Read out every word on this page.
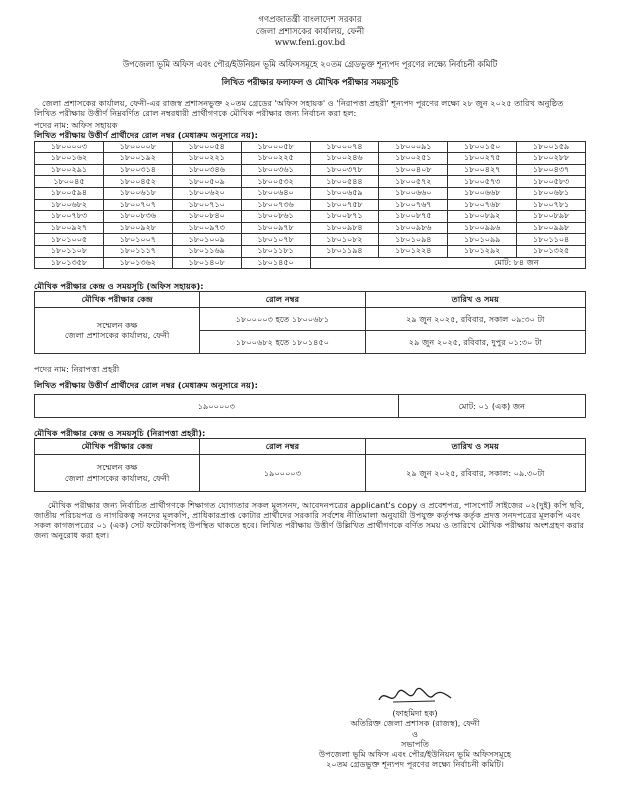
গণপ্রজাতন্ত্রী বাংলাদেশ সরকার
জেলা প্রশাসকের কার্যালয়, ফেনী
www.feni.gov.bd
উপজেলা ভূমি অফিস এবং পৌর/ইউনিয়ন ভূমি অফিসসমূহে ২০তম গ্রেডভুক্ত শূন্যপদ পূরণের লক্ষ্যে নির্বাচনী কমিটি
লিখিত পরীক্ষার ফলাফল ও মৌখিক পরীক্ষার সময়সূচি
জেলা প্রশাসকের কার্যালয়, ফেনী-এর রাজস্ব প্রশাসনভুক্ত ২০তম গ্রেডের 'অফিস সহায়ক' ও 'নিরাপত্তা প্রহরী' শূন্যপদ পূরণের লক্ষ্যে ২৮ জুন ২০২৫ তারিখ অনুষ্ঠিত লিখিত পরীক্ষায় উত্তীর্ণ নিম্নবর্ণিত রোল নম্বরধারী প্রার্থীগণকে মৌখিক পরীক্ষার জন্য নির্বাচন করা হল:
পদের নাম: অফিস সহায়ক
লিখিত পরীক্ষায় উত্তীর্ণ প্রার্থীদের রোল নম্বর (মেধাক্রম অনুসারে নয়):
১৮০০০০৩	১৮০০০০৮	১৮০০০৫৪	১৮০০০৫৮	১৮০০০৭৪	১৮০০০৯১	১৮০০১৫০	১৮০০১৫৯
১৮০০১৬২	১৮০০১৯২	১৮০০২২১	১৮০০২২৫	১৮০০২৪৬	১৮০০২৫১	১৮০০২৭৫	১৮০০২৮৮
১৮০০২৯১	১৮০০৩১৪	১৮০০৩৪৬	১৮০০৩৬১	১৮০০৩৭৮	১৮০০৪০৮	১৮০০৪২৭	১৮০০৪৩৭
১৮০০৪৫	১৮০০৪৫২	১৮০০৫০৯	১৮০০৫৩২	১৮০০৫৪৪	১৮০০৫৭২	১৮০০৫৭৩	১৮০০৫৮৩
১৮০০৫৯৪	১৮০০৬১৮	১৮০০৬২০	১৮০০৬৪০	১৮০০৬৫৯	১৮০০৬৬০	১৮০০৬৬৮	১৮০০৬৮১
১৮০০৬৮২	১৮০০৭০৭	১৮০০৭১০	১৮০০৭৩৬	১৮০০৭৫৮	১৮০০৭৬৭	১৮০০৭৬৮	১৮০০৭৮১
১৮০০৭৮৩	১৮০০৮৩৬	১৮০০৮৪০	১৮০০৮৬১	১৮০০৮৭১	১৮০০৮৭৫	১৮০০৮৯২	১৮০০৮৯৮
১৮০০৯২৭	১৮০০৯২৮	১৮০০৯৭৩	১৮০০৯৭৮	১৮০০৯৮৪	১৮০০৯৮৬	১৮০০৯৯৬	১৮০০৯৯৮
১৮০১০০৫	১৮০১০০৭	১৮০১০০৯	১৮০১০৭৮	১৮০১০৮২	১৮০১০৯৪	১৮০১০৯৯	১৮০১১০৪
১৮০১১০৮	১৮০১১১৭	১৮০১১৬৯	১৮০১১৮১	১৮০১১৯৪	১৮০১২২৪	১৮০১২৯২	১৮০১৩২৫
১৮০১৩৫৮	১৮০১৩৬২	১৮০১৪০৮	১৮০১৪৫০			মোট: ৮৪ জন	
মৌখিক পরীক্ষার কেন্দ্র ও সময়সূচি (অফিস সহায়ক):
মৌখিক পরীক্ষার কেন্দ্র	রোল নম্বর	তারিখ ও সময়

সম্মেলন কক্ষ
জেলা প্রশাসকের কার্যালয়, ফেনী	১৮০০০০৩ হতে ১৮০০৬৮১	২৯ জুন ২০২৫, রবিবার, সকাল ০৯:৩০ টা
	১৮০০৬৮২ হতে ১৮০১৪৫০	২৯ জুন ২০২৫, রবিবার, দুপুর ০১:৩০ টা
পদের নাম: নিরাপত্তা প্রহরী
লিখিত পরীক্ষায় উত্তীর্ণ প্রার্থীদের রোল নম্বর (মেধাক্রম অনুসারে নয়):
১৯০০০০৩	মোট: ০১ (এক) জন
মৌখিক পরীক্ষার কেন্দ্র ও সময়সূচি (নিরাপত্তা প্রহরী):
মৌখিক পরীক্ষার কেন্দ্র	রোল নম্বর	তারিখ ও সময়

সম্মেলন কক্ষ
জেলা প্রশাসকের কার্যালয়, ফেনী	১৯০০০০৩	২৯ জুন ২০২৫, রবিবার, সকাল: ০৯.৩০টা
মৌখিক পরীক্ষার জন্য নির্বাচিত প্রার্থীগণকে শিক্ষাগত যোগ্যতার সকল মূলসনদ, আবেদনপত্রের applicant's copy ও প্রবেশপত্র, পাসপোর্ট সাইজের ০২(দুই) কপি ছবি, জাতীয় পরিচয়পত্র ও নাগরিকত্ব সনদের মূলকপি, প্রাধিকারপ্রাপ্ত কোটার প্রার্থীদের সরকারি সর্বশেষ নীতিমালা অনুযায়ী উপযুক্ত কর্তৃপক্ষ কর্তৃক প্রদত্ত সনদপত্রের মূলকপি এবং সকল কাগজপত্রের ০১ (এক) সেট ফটোকপিসহ উপস্থিত থাকতে হবে। লিখিত পরীক্ষায় উত্তীর্ণ উল্লিখিত প্রার্থীগণকে বর্ণিত সময় ও তারিখে মৌখিক পরীক্ষায় অংশগ্রহণ করার জন্য অনুরোধ করা হল।
(ফাহমিদা হক)
অতিরিক্ত জেলা প্রশাসক (রাজস্ব), ফেনী
ও
সভাপতি
উপজেলা ভূমি অফিস এবং পৌর/ইউনিয়ন ভূমি অফিসসমূহে
২০তম গ্রেডভুক্ত শূন্যপদ পূরণের লক্ষ্যে নির্বাচনী কমিটি।
